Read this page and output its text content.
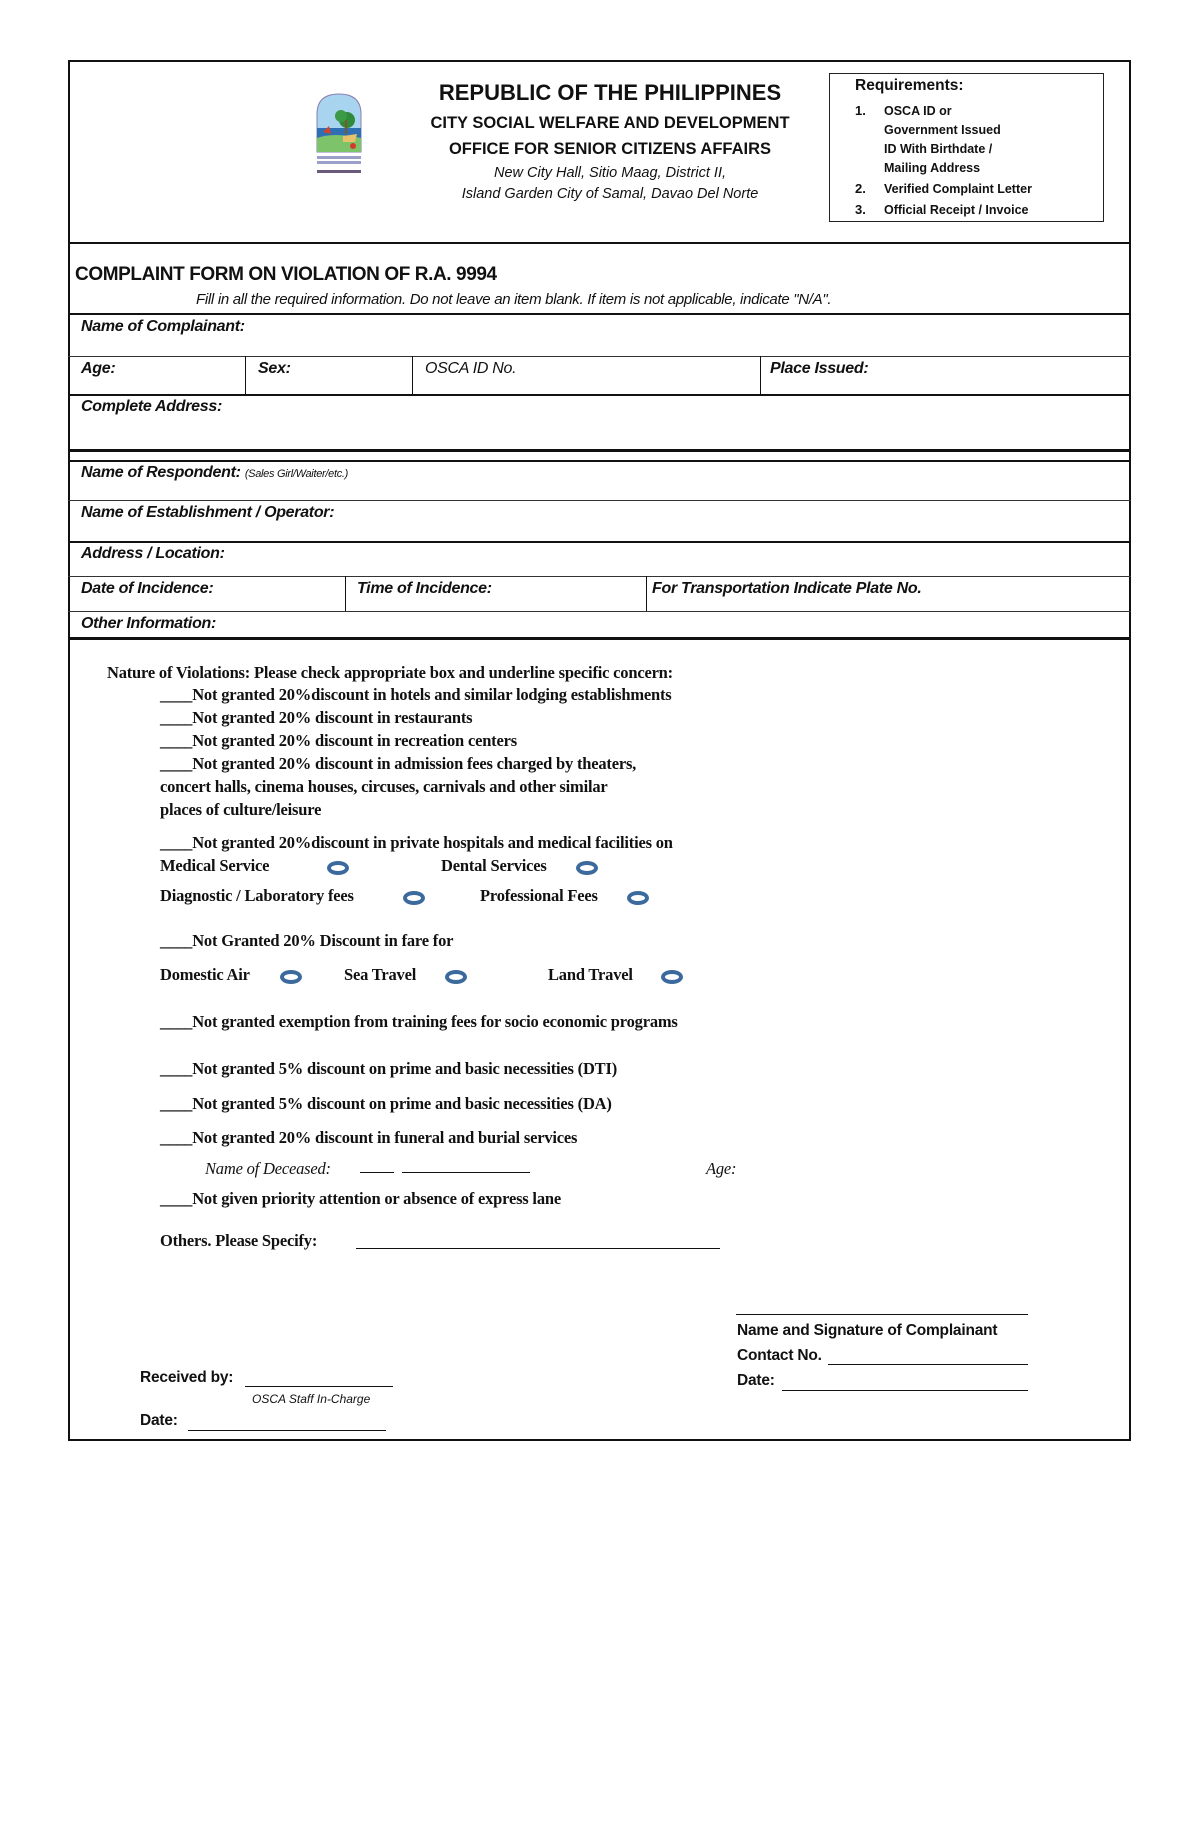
REPUBLIC OF THE PHILIPPINES
CITY SOCIAL WELFARE AND DEVELOPMENT
OFFICE FOR SENIOR CITIZENS AFFAIRS
New City Hall, Sitio Maag, District II,
Island Garden City of Samal, Davao Del Norte
Requirements:
1. OSCA ID or
Government Issued
ID With Birthdate /
Mailing Address
2. Verified Complaint Letter
3. Official Receipt / Invoice
COMPLAINT FORM ON VIOLATION OF R.A. 9994
Fill in all the required information. Do not leave an item blank. If item is not applicable, indicate "N/A".
Name of Complainant:
Age:	Sex:	OSCA ID No.	Place Issued:
Complete Address:
Name of Respondent: (Sales Girl/Waiter/etc.)
Name of Establishment / Operator:
Address / Location:
Date of Incidence:	Time of Incidence:	For Transportation Indicate Plate No.
Other Information:
Nature of Violations: Please check appropriate box and underline specific concern:
____Not granted 20%discount in hotels and similar lodging establishments
____Not granted 20% discount in restaurants
____Not granted 20% discount in recreation centers
____Not granted 20% discount in admission fees charged by theaters,
concert halls, cinema houses, circuses, carnivals and other similar
places of culture/leisure
____Not granted 20%discount in private hospitals and medical facilities on
Medical Service	Dental Services
Diagnostic / Laboratory fees	Professional Fees
____Not Granted 20% Discount in fare for
Domestic Air	Sea Travel	Land Travel
____Not granted exemption from training fees for socio economic programs
____Not granted 5% discount on prime and basic necessities (DTI)
____Not granted 5% discount on prime and basic necessities (DA)
____Not granted 20% discount in funeral and burial services
Name of Deceased:	Age:
____Not given priority attention or absence of express lane
Others. Please Specify:
Name and Signature of Complainant
Contact No.
Date:
Received by:
OSCA Staff In-Charge
Date:
